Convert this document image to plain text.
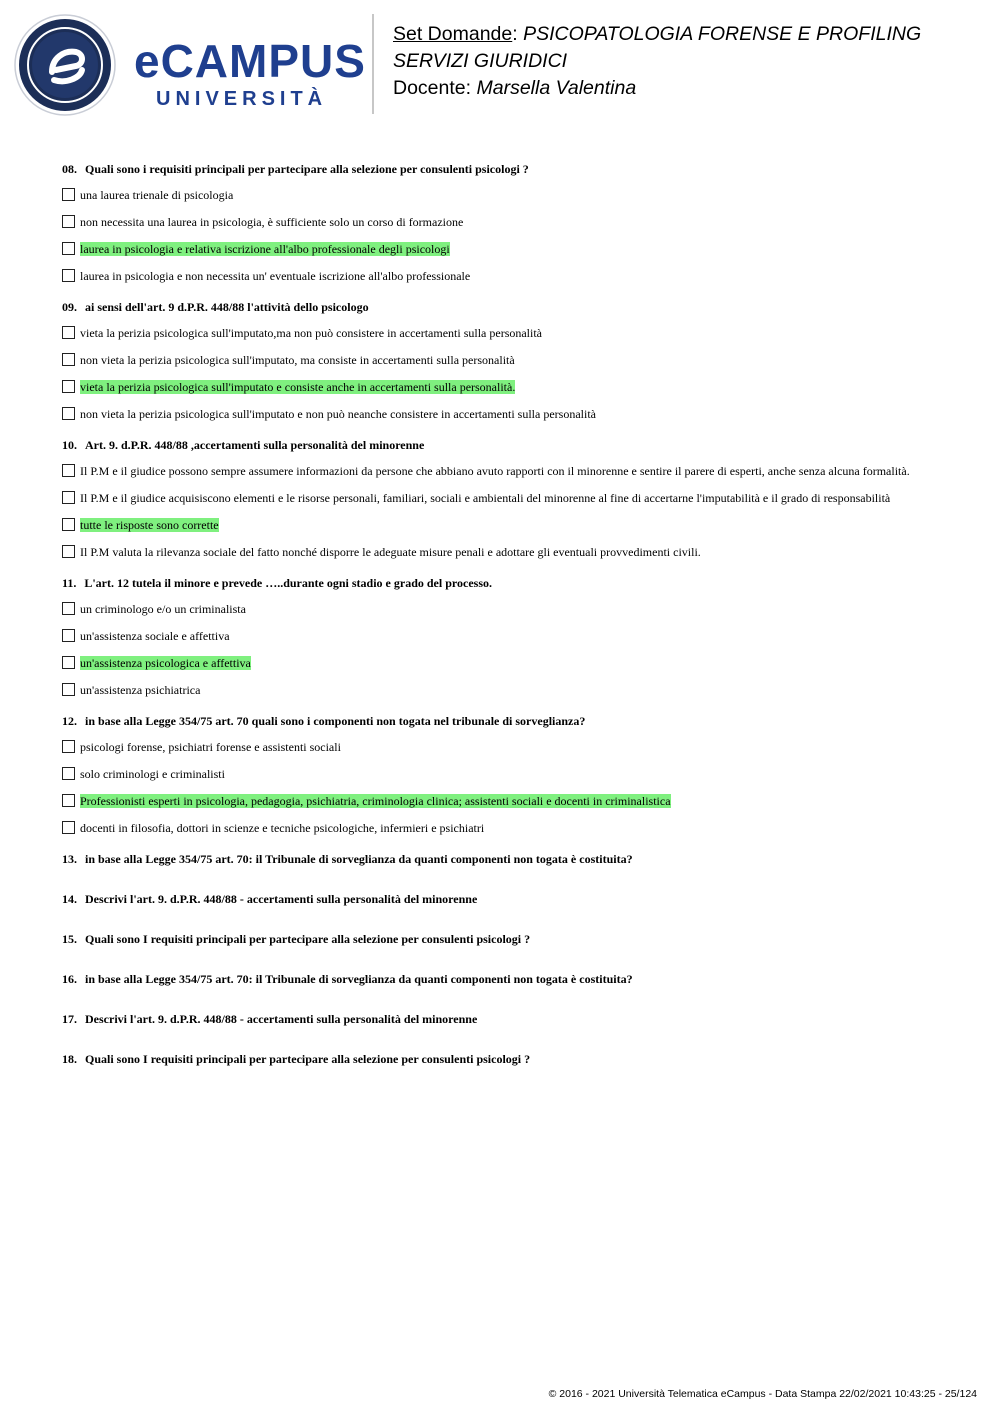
eCAMPUS
UNIVERSITÀ
Set Domande: PSICOPATOLOGIA FORENSE E PROFILING
SERVIZI GIURIDICI
Docente: Marsella Valentina
08. Quali sono i requisiti principali per partecipare alla selezione per consulenti psicologi ?
una laurea trienale di psicologia
non necessita una laurea in psicologia, è sufficiente solo un corso di formazione
laurea in psicologia e relativa iscrizione all'albo professionale degli psicologi
laurea in psicologia e non necessita un' eventuale iscrizione all'albo professionale
09. ai sensi dell'art. 9 d.P.R. 448/88 l'attività dello psicologo
vieta la perizia psicologica sull'imputato,ma non può consistere in accertamenti sulla personalità
non vieta la perizia psicologica sull'imputato, ma consiste in accertamenti sulla personalità
vieta la perizia psicologica sull'imputato e consiste anche in accertamenti sulla personalità.
non vieta la perizia psicologica sull'imputato e non può neanche consistere in accertamenti sulla personalità
10. Art. 9. d.P.R. 448/88 ,accertamenti sulla personalità del minorenne
Il P.M e il giudice possono sempre assumere informazioni da persone che abbiano avuto rapporti con il minorenne e sentire il parere di esperti, anche senza alcuna formalità.
Il P.M e il giudice acquisiscono elementi e le risorse personali, familiari, sociali e ambientali del minorenne al fine di accertarne l'imputabilità e il grado di responsabilità
tutte le risposte sono corrette
Il P.M valuta la rilevanza sociale del fatto nonché disporre le adeguate misure penali e adottare gli eventuali provvedimenti civili.
11. L'art. 12 tutela il minore e prevede …..durante ogni stadio e grado del processo.
un criminologo e/o un criminalista
un'assistenza sociale e affettiva
un'assistenza psicologica e affettiva
un'assistenza psichiatrica
12. in base alla Legge 354/75 art. 70 quali sono i componenti non togata nel tribunale di sorveglianza?
psicologi forense, psichiatri forense e assistenti sociali
solo criminologi e criminalisti
Professionisti esperti in psicologia, pedagogia, psichiatria, criminologia clinica; assistenti sociali e docenti in criminalistica
docenti in filosofia, dottori in scienze e tecniche psicologiche, infermieri e psichiatri
13. in base alla Legge 354/75 art. 70: il Tribunale di sorveglianza da quanti componenti non togata è costituita?
14. Descrivi l'art. 9. d.P.R. 448/88 - accertamenti sulla personalità del minorenne
15. Quali sono I requisiti principali per partecipare alla selezione per consulenti psicologi ?
16. in base alla Legge 354/75 art. 70: il Tribunale di sorveglianza da quanti componenti non togata è costituita?
17. Descrivi l'art. 9. d.P.R. 448/88 - accertamenti sulla personalità del minorenne
18. Quali sono I requisiti principali per partecipare alla selezione per consulenti psicologi ?
© 2016 - 2021 Università Telematica eCampus - Data Stampa 22/02/2021 10:43:25 - 25/124
